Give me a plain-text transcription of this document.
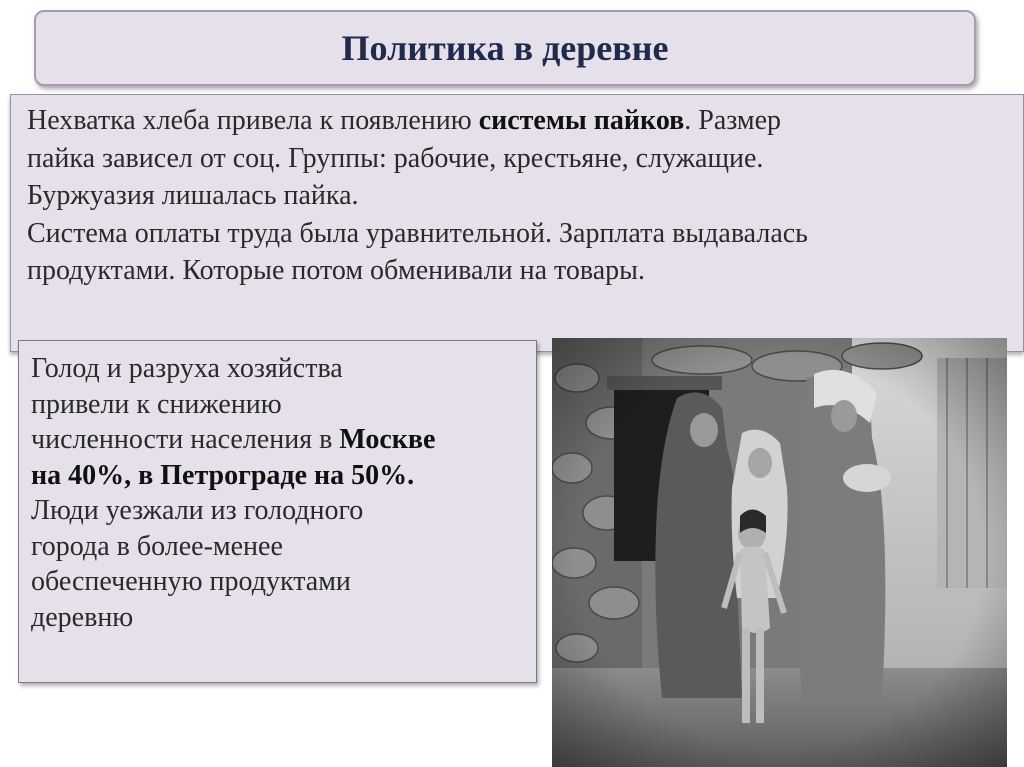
Политика в деревне

Нехватка хлеба привела к появлению системы пайков. Размер
пайка зависел от соц. Группы: рабочие, крестьяне, служащие.
Буржуазия лишалась пайка.
Система оплаты труда была уравнительной. Зарплата выдавалась
продуктами. Которые потом обменивали на товары.

Голод и разруха хозяйства
привели к снижению
численности населения в Москве
на 40%, в Петрограде на 50%.
Люди уезжали из голодного
города в более-менее
обеспеченную продуктами
деревню
